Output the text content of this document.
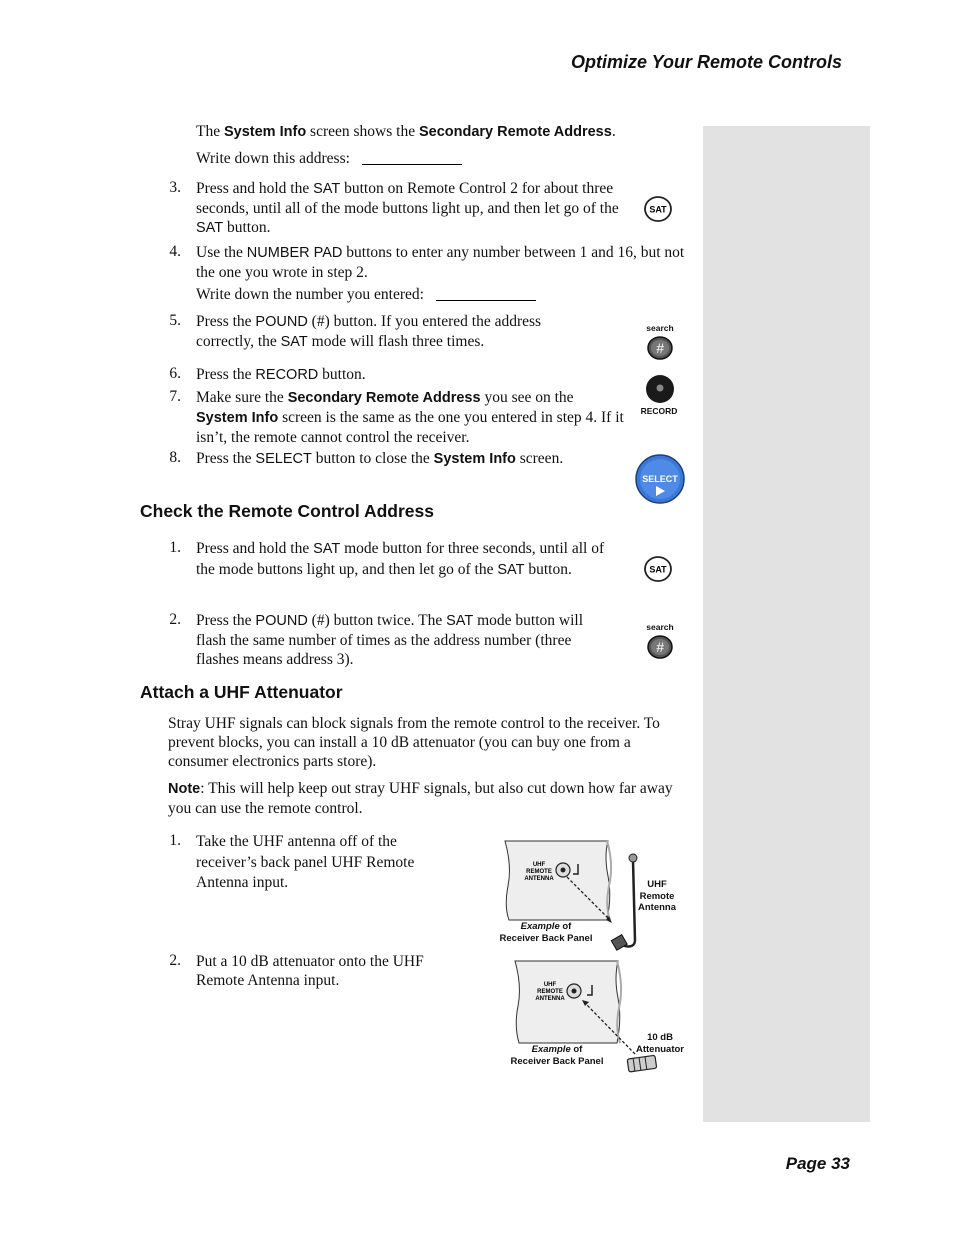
Optimize Your Remote Controls
The System Info screen shows the Secondary Remote Address.
Write down this address:
3. Press and hold the SAT button on Remote Control 2 for about three seconds, until all of the mode buttons light up, and then let go of the SAT button.
4. Use the NUMBER PAD buttons to enter any number between 1 and 16, but not the one you wrote in step 2.
Write down the number you entered:
5. Press the POUND (#) button. If you entered the address correctly, the SAT mode will flash three times.
6. Press the RECORD button.
7. Make sure the Secondary Remote Address you see on the System Info screen is the same as the one you entered in step 4. If it isn’t, the remote cannot control the receiver.
8. Press the SELECT button to close the System Info screen.
Check the Remote Control Address
1. Press and hold the SAT mode button for three seconds, until all of the mode buttons light up, and then let go of the SAT button.
2. Press the POUND (#) button twice. The SAT mode button will flash the same number of times as the address number (three flashes means address 3).
Attach a UHF Attenuator
Stray UHF signals can block signals from the remote control to the receiver. To prevent blocks, you can install a 10 dB attenuator (you can buy one from a consumer electronics parts store).
Note: This will help keep out stray UHF signals, but also cut down how far away you can use the remote control.
1. Take the UHF antenna off of the receiver’s back panel UHF Remote Antenna input.
2. Put a 10 dB attenuator onto the UHF Remote Antenna input.
SAT
search
#
RECORD
SELECT
SAT
search
#
UHF
REMOTE
ANTENNA
Example of
Receiver Back Panel
UHF
Remote
Antenna
UHF
REMOTE
ANTENNA
Example of
Receiver Back Panel
10 dB
Attenuator
Page 33
